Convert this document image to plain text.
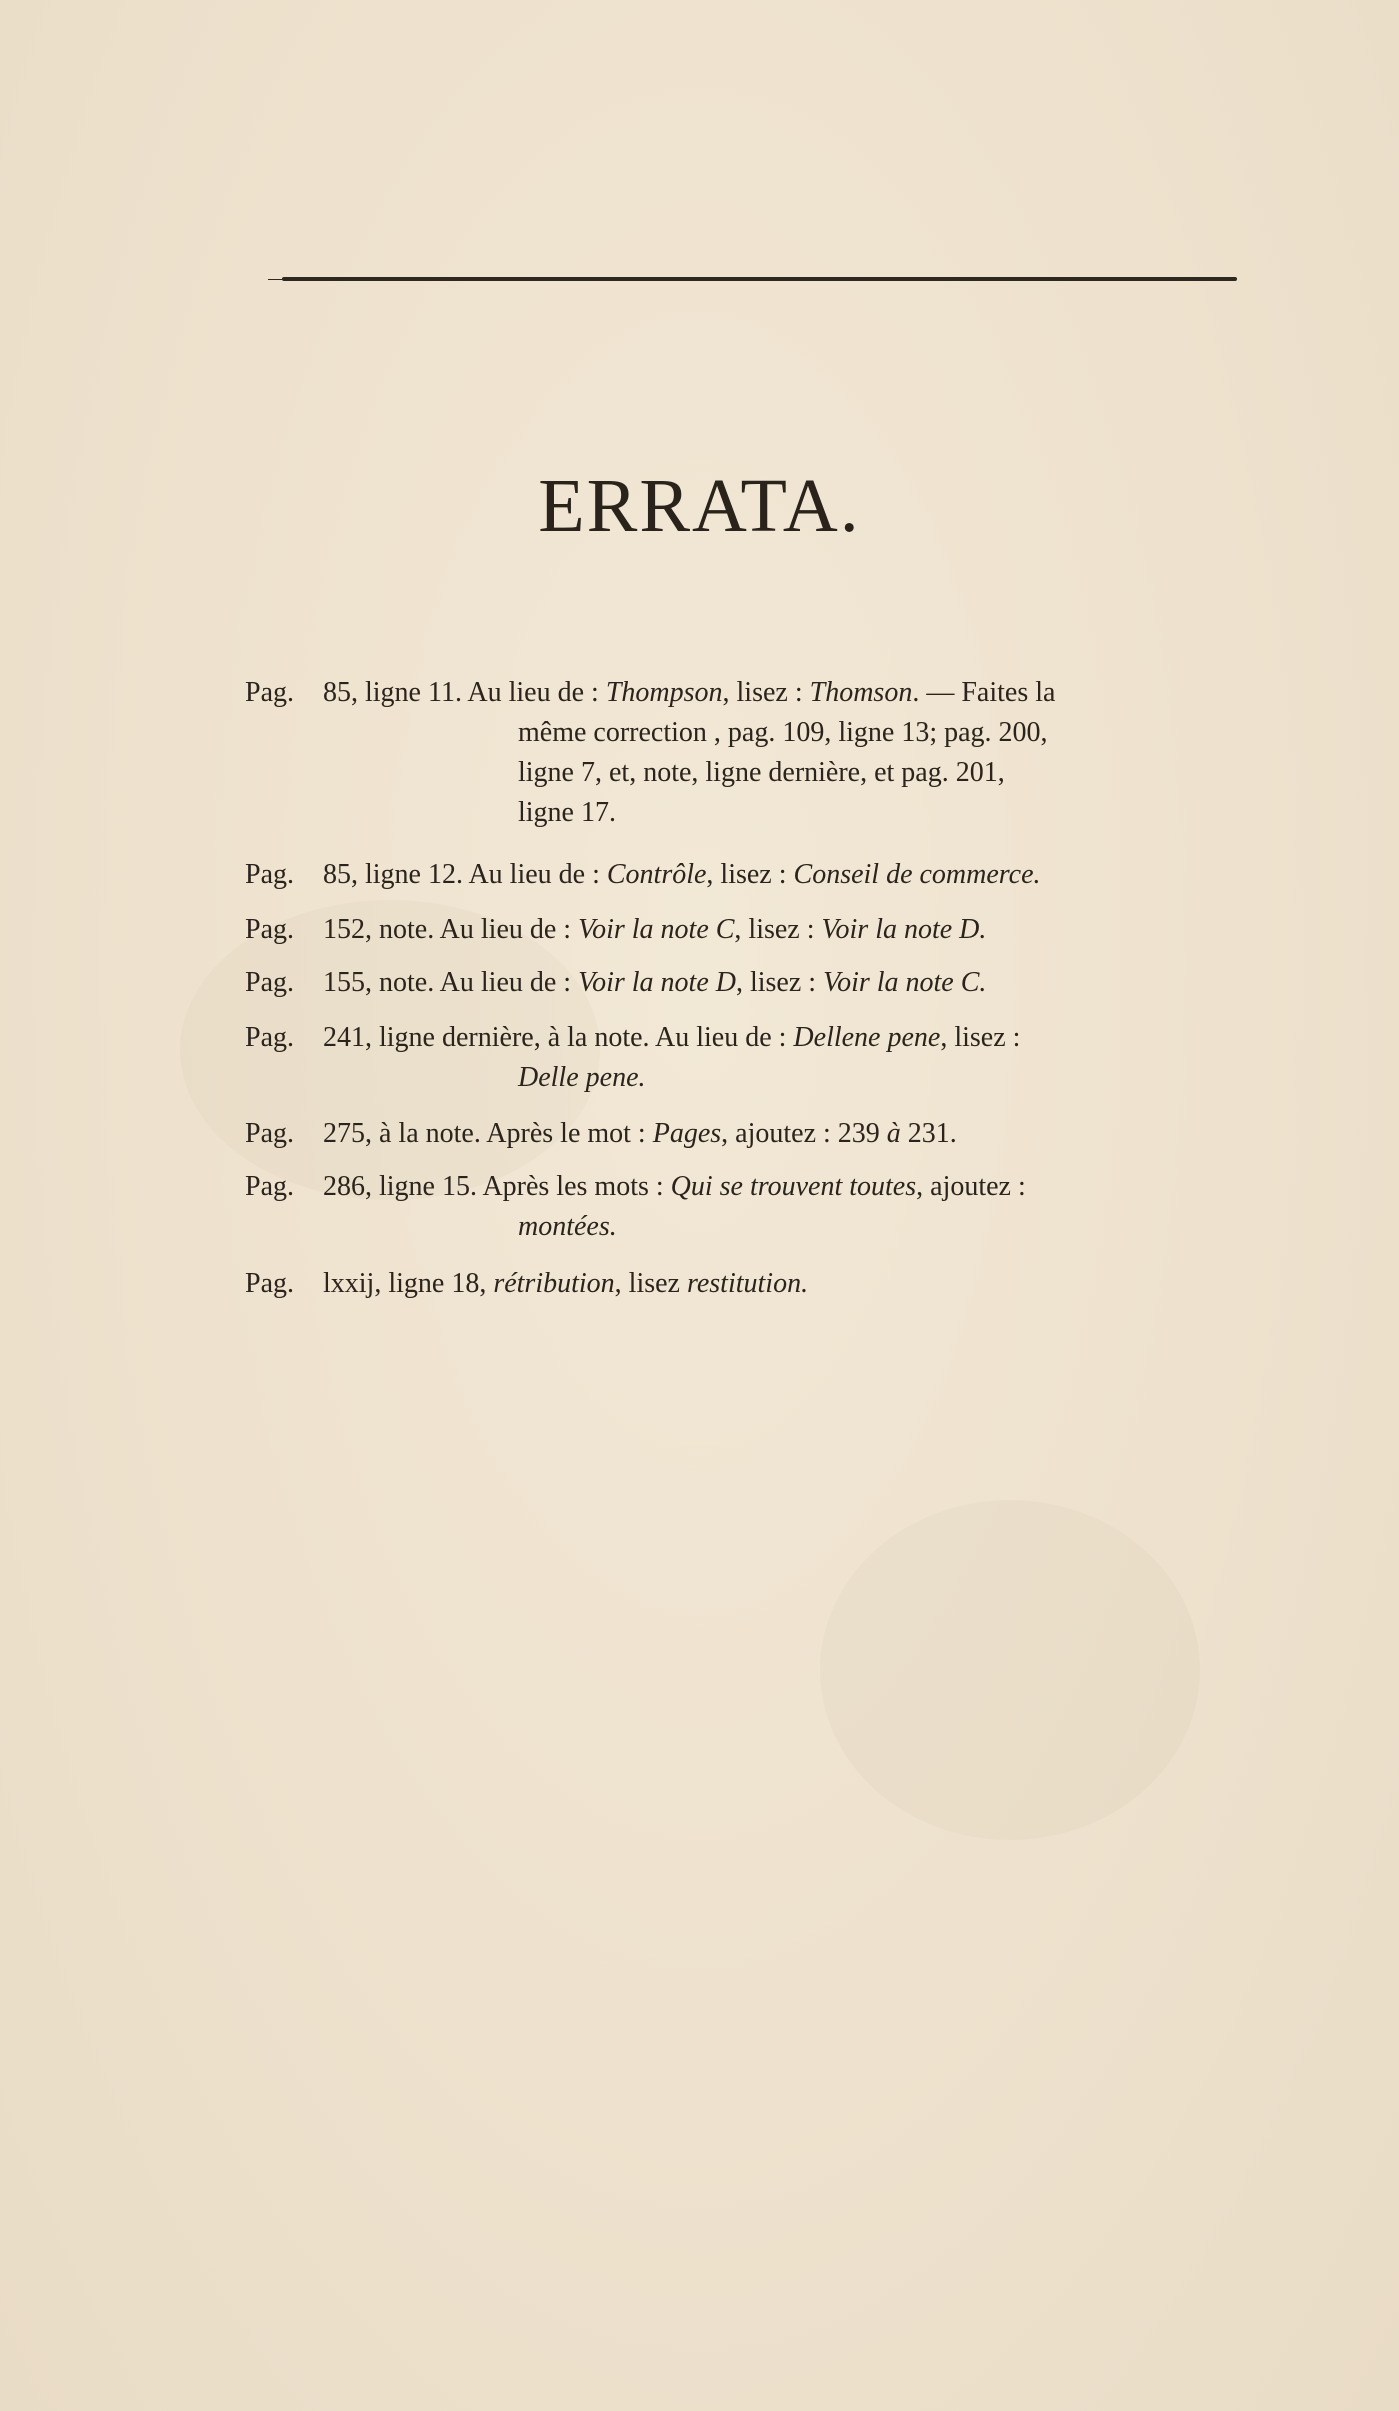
ERRATA.
Pag. 85, ligne 11. Au lieu de : Thompson, lisez : Thomson. — Faites la
même correction , pag. 109, ligne 13; pag. 200,
ligne 7, et, note, ligne dernière, et pag. 201,
ligne 17.
Pag. 85, ligne 12. Au lieu de : Contrôle, lisez : Conseil de commerce.
Pag. 152, note. Au lieu de : Voir la note C, lisez : Voir la note D.
Pag. 155, note. Au lieu de : Voir la note D, lisez : Voir la note C.
Pag. 241, ligne dernière, à la note. Au lieu de : Dellene pene, lisez :
Delle pene.
Pag. 275, à la note. Après le mot : Pages, ajoutez : 239 à 231.
Pag. 286, ligne 15. Après les mots : Qui se trouvent toutes, ajoutez :
montées.
Pag. lxxij, ligne 18, rétribution, lisez restitution.
